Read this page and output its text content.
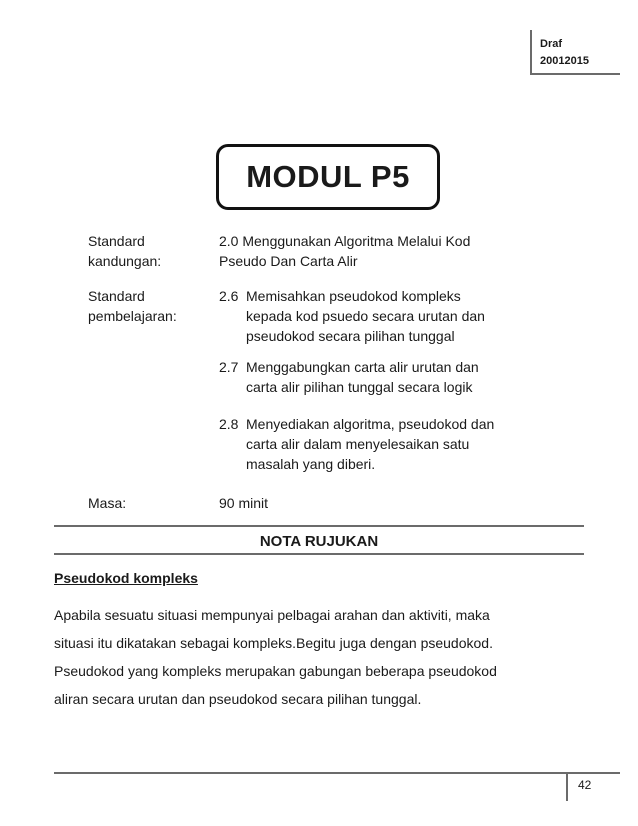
Draf
20012015
MODUL P5
Standard
kandungan:
2.0 Menggunakan Algoritma Melalui Kod
Pseudo Dan Carta Alir
Standard
pembelajaran:
2.6 Memisahkan pseudokod kompleks
kepada kod psuedo secara urutan dan
pseudokod secara pilihan tunggal
2.7 Menggabungkan carta alir urutan dan
carta alir pilihan tunggal secara logik
2.8 Menyediakan algoritma, pseudokod dan
carta alir dalam menyelesaikan satu
masalah yang diberi.
Masa:	90 minit
NOTA RUJUKAN
Pseudokod kompleks
Apabila sesuatu situasi mempunyai pelbagai arahan dan aktiviti, maka
situasi itu dikatakan sebagai kompleks.Begitu juga dengan pseudokod.
Pseudokod yang kompleks merupakan gabungan beberapa pseudokod
aliran secara urutan dan pseudokod secara pilihan tunggal.
42
